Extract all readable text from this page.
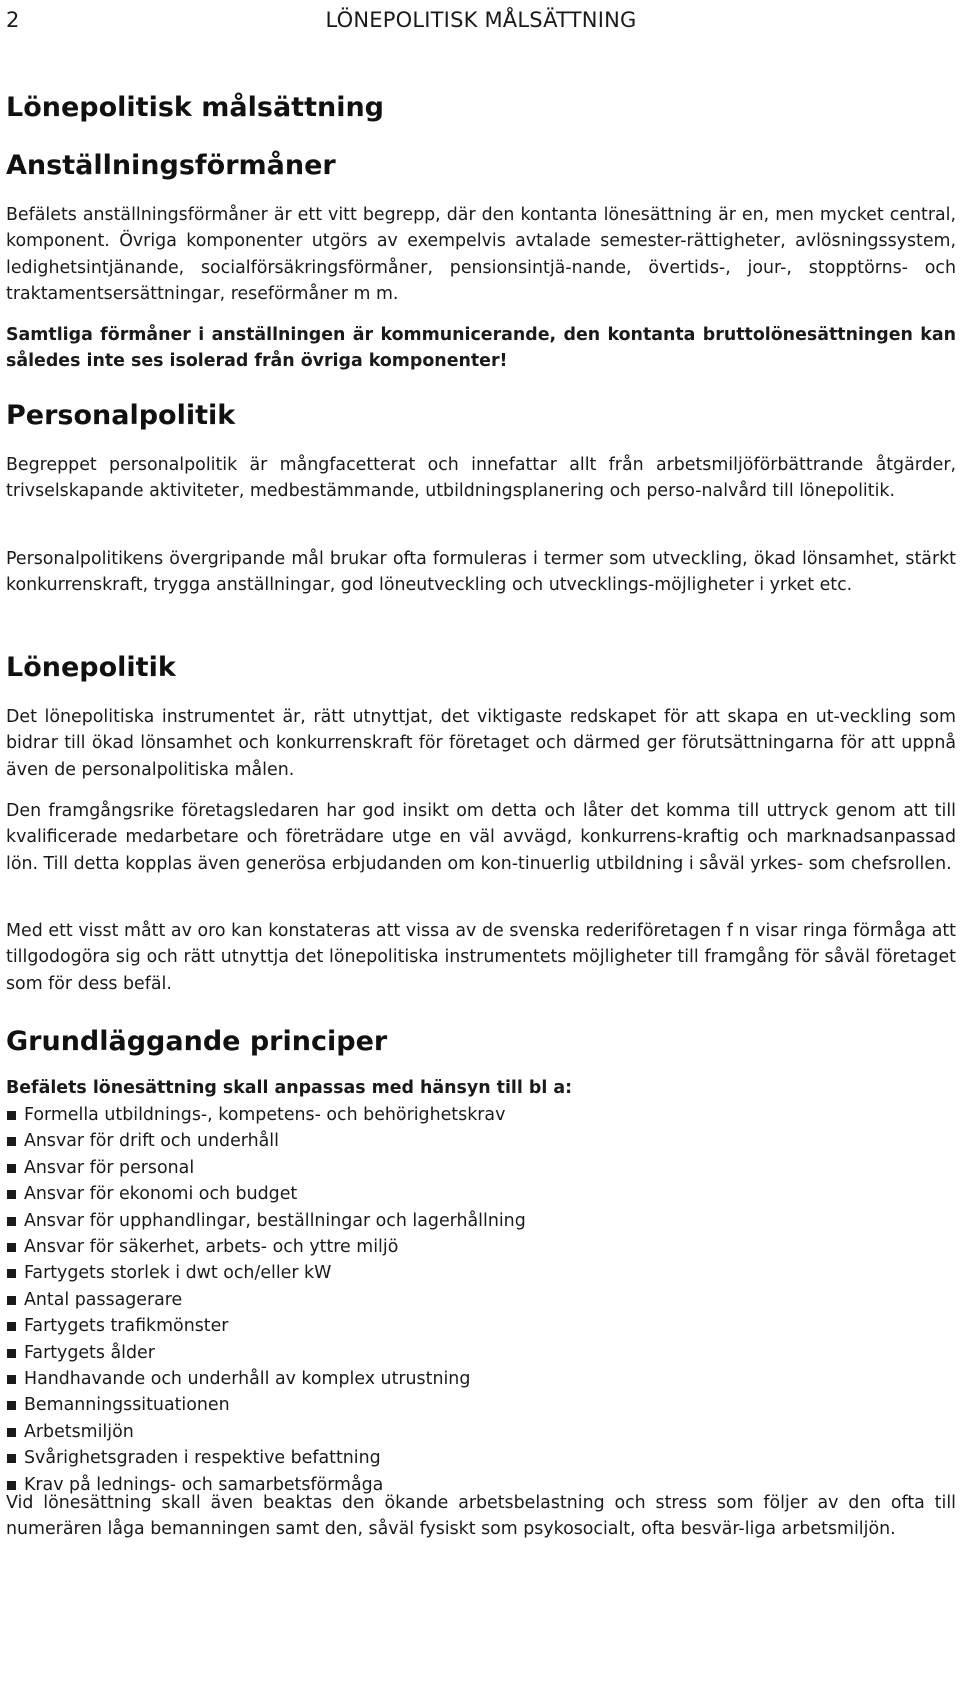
2	LÖNEPOLITISK MÅLSÄTTNING
Lönepolitisk målsättning
Anställningsförmåner

Befälets anställningsförmåner är ett vitt begrepp, där den kontanta lönesättning är en, men mycket central, komponent. Övriga komponenter utgörs av exempelvis avtalade semester-rättigheter, avlösningssystem, ledighetsintjänande, socialförsäkringsförmåner, pensionsintjä-nande, övertids-, jour-, stopptörns- och traktamentsersättningar, reseförmåner m m.

Samtliga förmåner i anställningen är kommunicerande, den kontanta bruttolönesättningen kan således inte ses isolerad från övriga komponenter!

Personalpolitik

Begreppet personalpolitik är mångfacetterat och innefattar allt från arbetsmiljöförbättrande åtgärder, trivselskapande aktiviteter, medbestämmande, utbildningsplanering och perso-nalvård till lönepolitik.

Personalpolitikens övergripande mål brukar ofta formuleras i termer som utveckling, ökad lönsamhet, stärkt konkurrenskraft, trygga anställningar, god löneutveckling och utvecklings-möjligheter i yrket etc.

Lönepolitik

Det lönepolitiska instrumentet är, rätt utnyttjat, det viktigaste redskapet för att skapa en ut-veckling som bidrar till ökad lönsamhet och konkurrenskraft för företaget och därmed ger förutsättningarna för att uppnå även de personalpolitiska målen.

Den framgångsrike företagsledaren har god insikt om detta och låter det komma till uttryck genom att till kvalificerade medarbetare och företrädare utge en väl avvägd, konkurrens-kraftig och marknadsanpassad lön. Till detta kopplas även generösa erbjudanden om kon-tinuerlig utbildning i såväl yrkes- som chefsrollen.

Med ett visst mått av oro kan konstateras att vissa av de svenska rederiföretagen f n visar ringa förmåga att tillgodogöra sig och rätt utnyttja det lönepolitiska instrumentets möjligheter till framgång för såväl företaget som för dess befäl.

Grundläggande principer

Befälets lönesättning skall anpassas med hänsyn till bl a:

Formella utbildnings-, kompetens- och behörighetskrav
Ansvar för drift och underhåll
Ansvar för personal
Ansvar för ekonomi och budget
Ansvar för upphandlingar, beställningar och lagerhållning
Ansvar för säkerhet, arbets- och yttre miljö
Fartygets storlek i dwt och/eller kW
Antal passagerare
Fartygets trafikmönster
Fartygets ålder
Handhavande och underhåll av komplex utrustning
Bemanningssituationen
Arbetsmiljön
Svårighetsgraden i respektive befattning
Krav på lednings- och samarbetsförmåga

Vid lönesättning skall även beaktas den ökande arbetsbelastning och stress som följer av den ofta till numerären låga bemanningen samt den, såväl fysiskt som psykosocialt, ofta besvär-liga arbetsmiljön.
